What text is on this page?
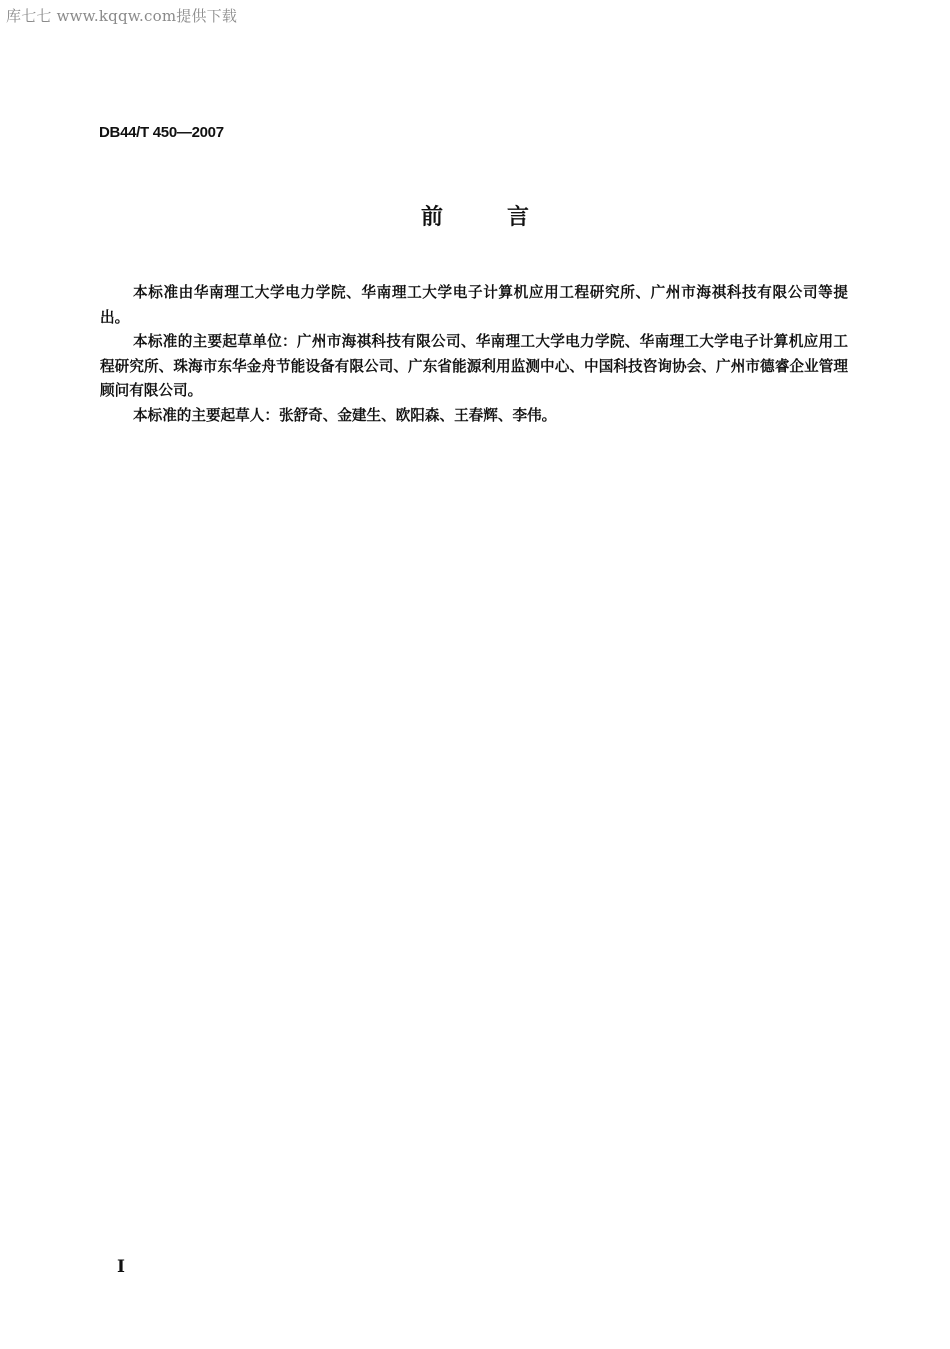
库七七 www.kqqw.com提供下载
DB44/T 450—2007
前	言

本标准由华南理工大学电力学院、华南理工大学电子计算机应用工程研究所、广州市海祺科技有限公司等提出。

本标准的主要起草单位：广州市海祺科技有限公司、华南理工大学电力学院、华南理工大学电子计算机应用工程研究所、珠海市东华金舟节能设备有限公司、广东省能源利用监测中心、中国科技咨询协会、广州市德睿企业管理顾问有限公司。

本标准的主要起草人：张舒奇、金建生、欧阳森、王春辉、李伟。

I
